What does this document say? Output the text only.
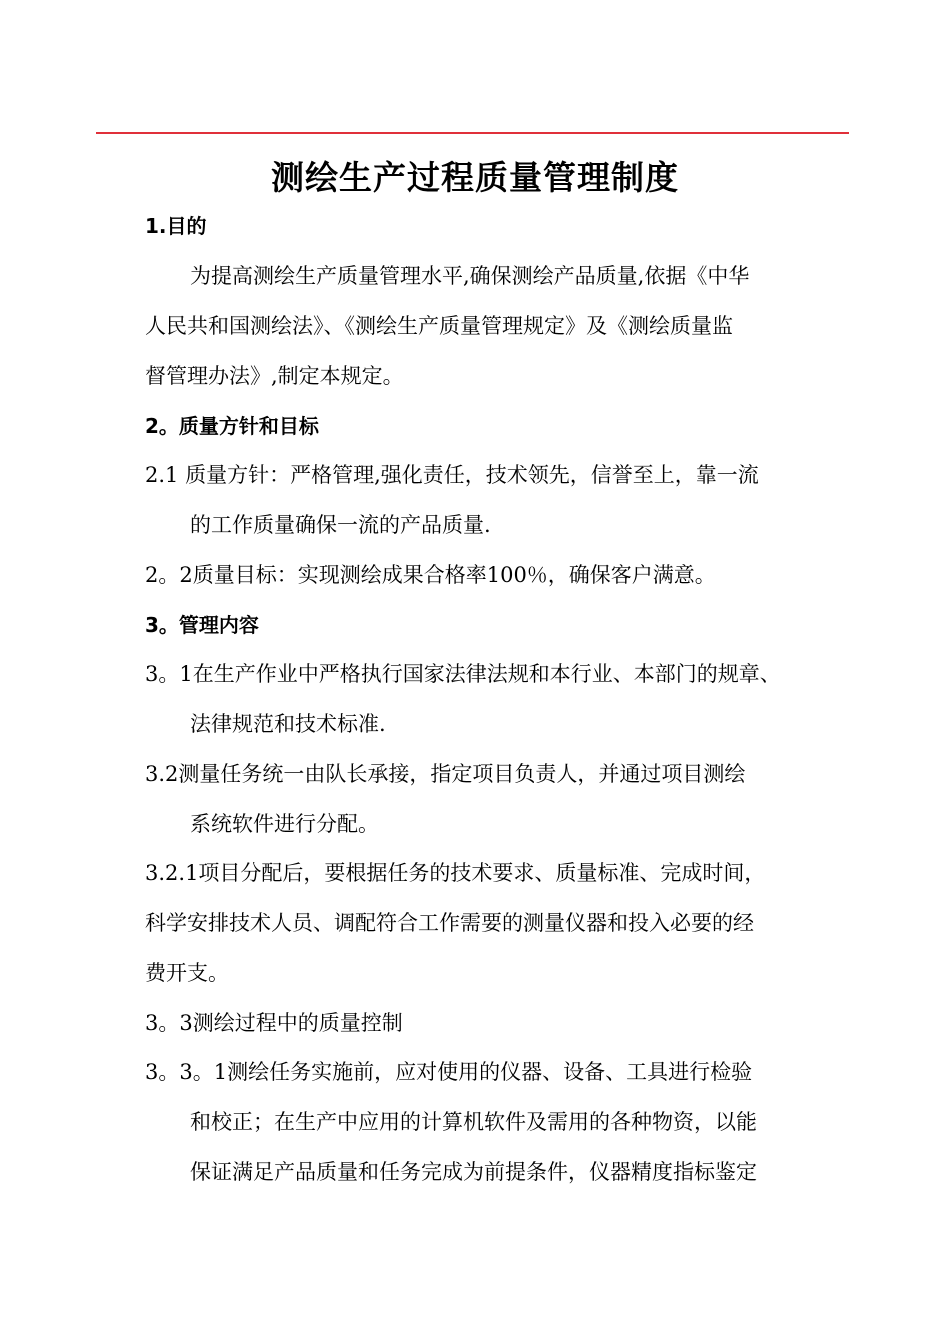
测绘生产过程质量管理制度
1.目的
为提高测绘生产质量管理水平,确保测绘产品质量,依据《中华
人民共和国测绘法》、《测绘生产质量管理规定》及《测绘质量监
督管理办法》,制定本规定。
2。质量方针和目标
2.1 质量方针：严格管理,强化责任，技术领先，信誉至上，靠一流
的工作质量确保一流的产品质量.
2。2质量目标：实现测绘成果合格率100％，确保客户满意。
3。管理内容
3。1在生产作业中严格执行国家法律法规和本行业、本部门的规章、
法律规范和技术标准.
3.2测量任务统一由队长承接，指定项目负责人，并通过项目测绘
系统软件进行分配。
3.2.1项目分配后，要根据任务的技术要求、质量标准、完成时间，
科学安排技术人员、调配符合工作需要的测量仪器和投入必要的经
费开支。
3。3测绘过程中的质量控制
3。3。1测绘任务实施前，应对使用的仪器、设备、工具进行检验
和校正；在生产中应用的计算机软件及需用的各种物资，以能
保证满足产品质量和任务完成为前提条件，仪器精度指标鉴定
